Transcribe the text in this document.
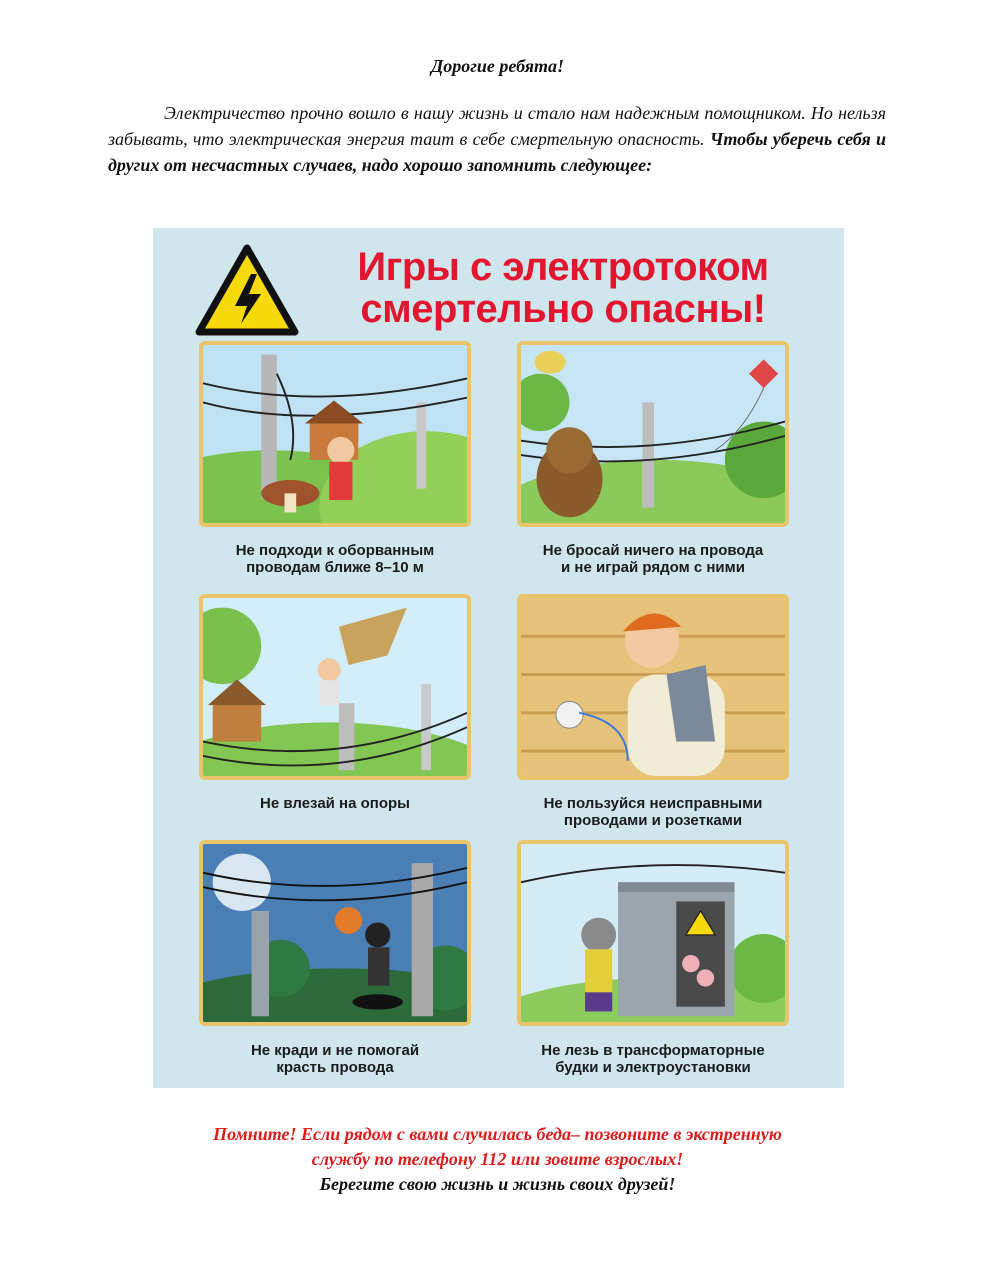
Дорогие ребята!
Электричество прочно вошло в нашу жизнь и стало нам надежным помощником. Но нельзя забывать, что электрическая энергия таит в себе смертельную опасность. Чтобы уберечь себя и других от несчастных случаев, надо хорошо запомнить следующее:
Игры с электротоком
смертельно опасны!
Не подходи к оборванным
проводам ближе 8–10 м
Не бросай ничего на провода
и не играй рядом с ними
Не влезай на опоры	Не пользуйся неисправными
проводами и розетками
Не кради и не помогай
красть провода
Не лезь в трансформаторные
будки и электроустановки
Помните! Если рядом с вами случилась беда– позвоните в экстренную
службу по телефону 112 или зовите взрослых!
Берегите свою жизнь и жизнь своих друзей!
